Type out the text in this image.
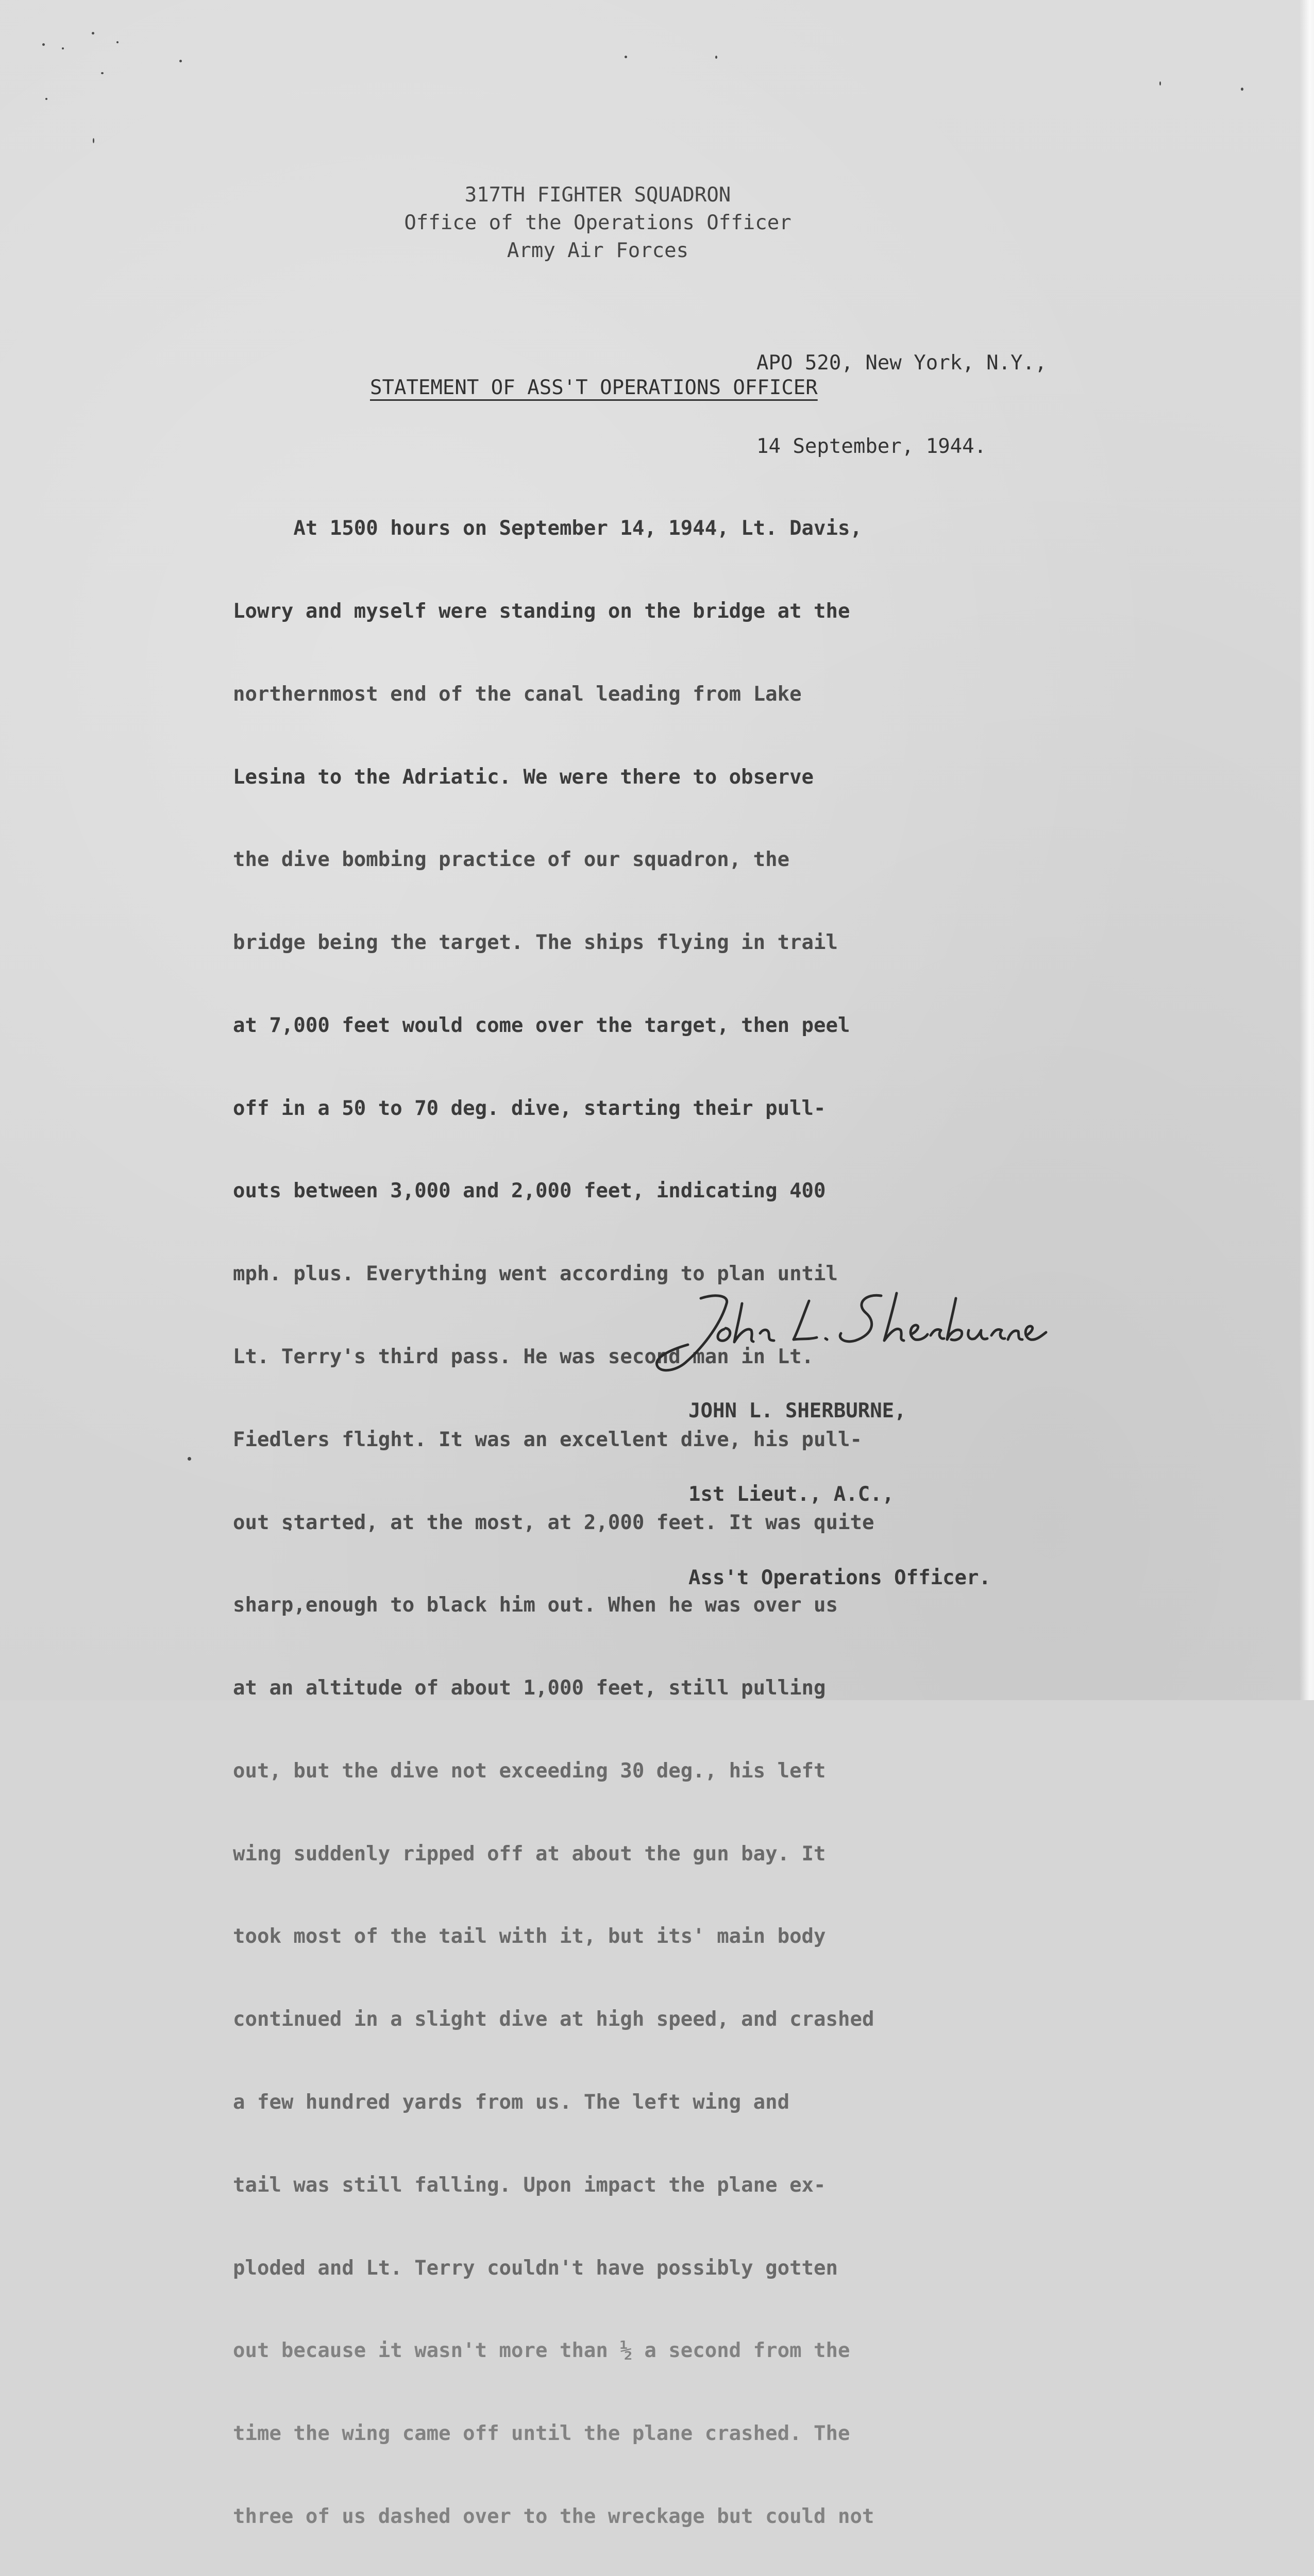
317TH FIGHTER SQUADRON
Office of the Operations Officer
Army Air Forces

APO 520, New York, N.Y.,

14 September, 1944.

STATEMENT OF ASS'T OPERATIONS OFFICER

At 1500 hours on September 14, 1944, Lt. Davis,

Lowry and myself were standing on the bridge at the

northernmost end of the canal leading from Lake

Lesina to the Adriatic. We were there to observe

the dive bombing practice of our squadron, the

bridge being the target. The ships flying in trail

at 7,000 feet would come over the target, then peel

off in a 50 to 70 deg. dive, starting their pull-

outs between 3,000 and 2,000 feet, indicating 400

mph. plus. Everything went according to plan until

Lt. Terry's third pass. He was second man in Lt.

Fiedlers flight. It was an excellent dive, his pull-

out started, at the most, at 2,000 feet. It was quite

sharp,enough to black him out. When he was over us

at an altitude of about 1,000 feet, still pulling

out, but the dive not exceeding 30 deg., his left

wing suddenly ripped off at about the gun bay. It

took most of the tail with it, but its' main body

continued in a slight dive at high speed, and crashed

a few hundred yards from us. The left wing and

tail was still falling. Upon impact the plane ex-

ploded and Lt. Terry couldn't have possibly gotten

out because it wasn't more than ½ a second from the

time the wing came off until the plane crashed. The

three of us dashed over to the wreckage but could not

JOHN L. SHERBURNE,

1st Lieut., A.C.,

Ass't Operations Officer.
